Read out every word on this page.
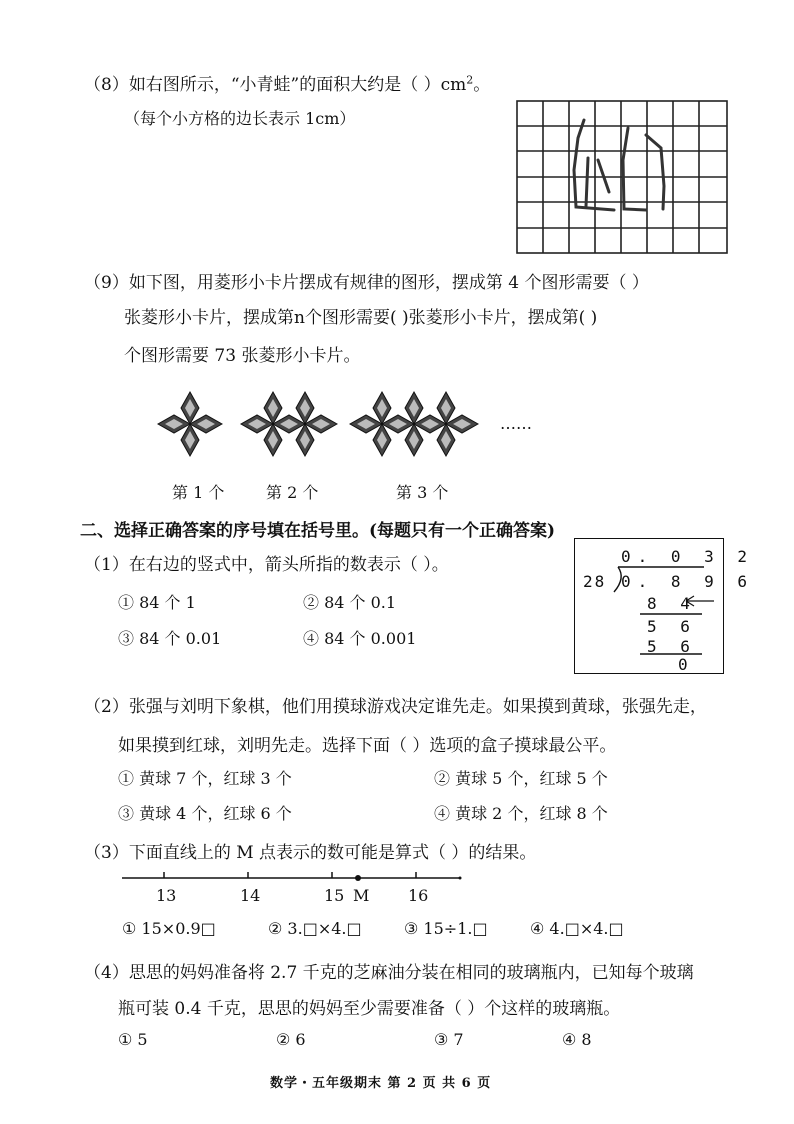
（8）如右图所示，“小青蛙”的面积大约是（ ）$cm^2$。
（每个小方格的边长表示 1cm）
（9）如下图，用菱形小卡片摆成有规律的图形，摆成第 4 个图形需要（ ）
张菱形小卡片，摆成第n个图形需要( )张菱形小卡片，摆成第( )
个图形需要 73 张菱形小卡片。
……
第 1 个	第 2 个	第 3 个
二、选择正确答案的序号填在括号里。(每题只有一个正确答案)
（1）在右边的竖式中，箭头所指的数表示（ ）。
① 84 个 1	② 84 个 0.1
③ 84 个 0.01	④ 84 个 0.001
0. 0 3 2
28 0. 8 9 6
8 4
5 6
5 6
0
（2）张强与刘明下象棋，他们用摸球游戏决定谁先走。如果摸到黄球，张强先走，
如果摸到红球，刘明先走。选择下面（ ）选项的盒子摸球最公平。
① 黄球 7 个，红球 3 个	② 黄球 5 个，红球 5 个
③ 黄球 4 个，红球 6 个	④ 黄球 2 个，红球 8 个
（3）下面直线上的 M 点表示的数可能是算式（ ）的结果。
13	14	15 M 16
① 15×0.9□	② 3.□×4.□	③ 15÷1.□	④ 4.□×4.□
（4）思思的妈妈准备将 2.7 千克的芝麻油分装在相同的玻璃瓶内，已知每个玻璃
瓶可装 0.4 千克，思思的妈妈至少需要准备（ ）个这样的玻璃瓶。
① 5	② 6	③ 7	④ 8
数学・五年级期末 第 2 页 共 6 页
